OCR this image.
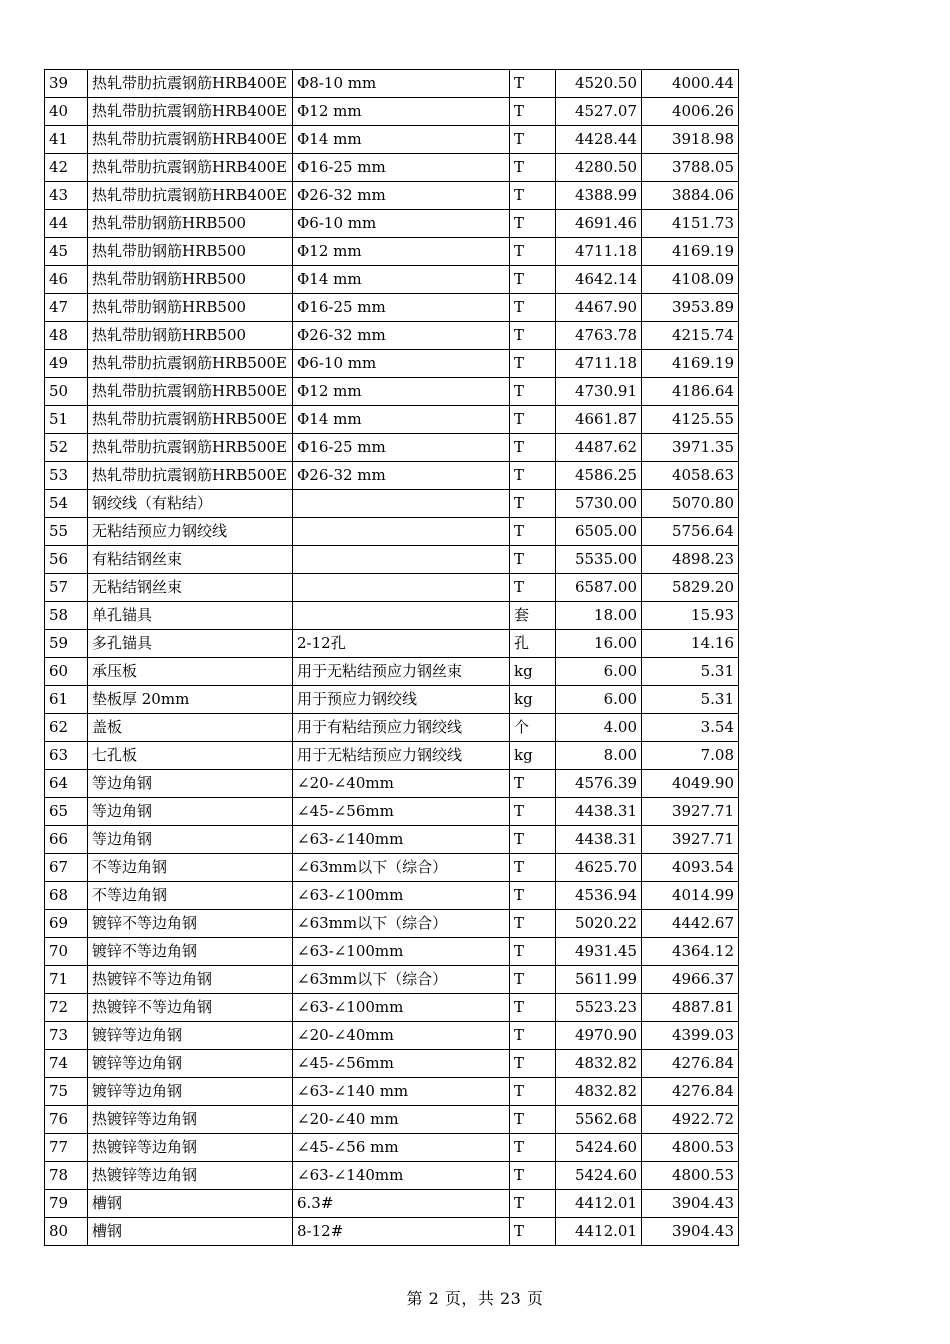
39	热轧带肋抗震钢筋HRB400E	Φ8-10 mm	T	4520.50	4000.44
40	热轧带肋抗震钢筋HRB400E	Φ12 mm	T	4527.07	4006.26
41	热轧带肋抗震钢筋HRB400E	Φ14 mm	T	4428.44	3918.98
42	热轧带肋抗震钢筋HRB400E	Φ16-25 mm	T	4280.50	3788.05
43	热轧带肋抗震钢筋HRB400E	Φ26-32 mm	T	4388.99	3884.06
44	热轧带肋钢筋HRB500	Φ6-10 mm	T	4691.46	4151.73
45	热轧带肋钢筋HRB500	Φ12 mm	T	4711.18	4169.19
46	热轧带肋钢筋HRB500	Φ14 mm	T	4642.14	4108.09
47	热轧带肋钢筋HRB500	Φ16-25 mm	T	4467.90	3953.89
48	热轧带肋钢筋HRB500	Φ26-32 mm	T	4763.78	4215.74
49	热轧带肋抗震钢筋HRB500E	Φ6-10 mm	T	4711.18	4169.19
50	热轧带肋抗震钢筋HRB500E	Φ12 mm	T	4730.91	4186.64
51	热轧带肋抗震钢筋HRB500E	Φ14 mm	T	4661.87	4125.55
52	热轧带肋抗震钢筋HRB500E	Φ16-25 mm	T	4487.62	3971.35
53	热轧带肋抗震钢筋HRB500E	Φ26-32 mm	T	4586.25	4058.63
54	钢绞线（有粘结）		T	5730.00	5070.80
55	无粘结预应力钢绞线		T	6505.00	5756.64
56	有粘结钢丝束		T	5535.00	4898.23
57	无粘结钢丝束		T	6587.00	5829.20
58	单孔锚具		套	18.00	15.93
59	多孔锚具	2-12孔	孔	16.00	14.16
60	承压板	用于无粘结预应力钢丝束	kg	6.00	5.31
61	垫板厚 20mm	用于预应力钢绞线	kg	6.00	5.31
62	盖板	用于有粘结预应力钢绞线	个	4.00	3.54
63	七孔板	用于无粘结预应力钢绞线	kg	8.00	7.08
64	等边角钢	∠20-∠40mm	T	4576.39	4049.90
65	等边角钢	∠45-∠56mm	T	4438.31	3927.71
66	等边角钢	∠63-∠140mm	T	4438.31	3927.71
67	不等边角钢	∠63mm以下（综合）	T	4625.70	4093.54
68	不等边角钢	∠63-∠100mm	T	4536.94	4014.99
69	镀锌不等边角钢	∠63mm以下（综合）	T	5020.22	4442.67
70	镀锌不等边角钢	∠63-∠100mm	T	4931.45	4364.12
71	热镀锌不等边角钢	∠63mm以下（综合）	T	5611.99	4966.37
72	热镀锌不等边角钢	∠63-∠100mm	T	5523.23	4887.81
73	镀锌等边角钢	∠20-∠40mm	T	4970.90	4399.03
74	镀锌等边角钢	∠45-∠56mm	T	4832.82	4276.84
75	镀锌等边角钢	∠63-∠140 mm	T	4832.82	4276.84
76	热镀锌等边角钢	∠20-∠40 mm	T	5562.68	4922.72
77	热镀锌等边角钢	∠45-∠56 mm	T	5424.60	4800.53
78	热镀锌等边角钢	∠63-∠140mm	T	5424.60	4800.53
79	槽钢	6.3#	T	4412.01	3904.43
80	槽钢	8-12#	T	4412.01	3904.43
第 2 页，共 23 页
